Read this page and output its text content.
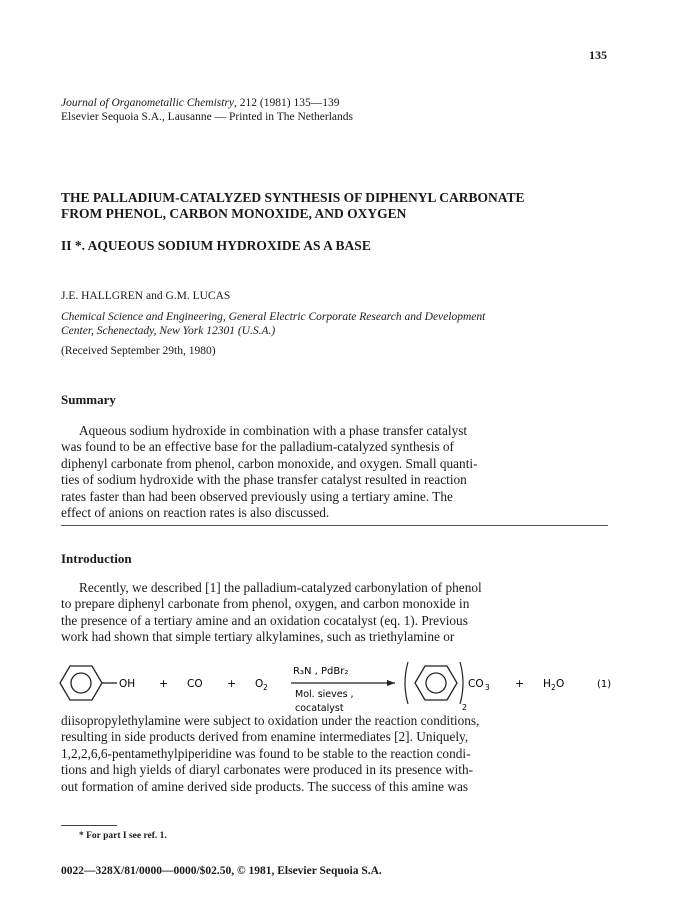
135
Journal of Organometallic Chemistry, 212 (1981) 135—139
Elsevier Sequoia S.A., Lausanne — Printed in The Netherlands
THE PALLADIUM-CATALYZED SYNTHESIS OF DIPHENYL CARBONATE
FROM PHENOL, CARBON MONOXIDE, AND OXYGEN
II *. AQUEOUS SODIUM HYDROXIDE AS A BASE
J.E. HALLGREN and G.M. LUCAS
Chemical Science and Engineering, General Electric Corporate Research and Development
Center, Schenectady, New York 12301 (U.S.A.)
(Received September 29th, 1980)
Summary

Aqueous sodium hydroxide in combination with a phase transfer catalyst

was found to be an effective base for the palladium-catalyzed synthesis of

diphenyl carbonate from phenol, carbon monoxide, and oxygen. Small quanti-

ties of sodium hydroxide with the phase transfer catalyst resulted in reaction

rates faster than had been observed previously using a tertiary amine. The

effect of anions on reaction rates is also discussed.

Introduction

Recently, we described [1] the palladium-catalyzed carbonylation of phenol

to prepare diphenyl carbonate from phenol, oxygen, and carbon monoxide in

the presence of a tertiary amine and an oxidation cocatalyst (eq. 1). Previous

work had shown that simple tertiary alkylamines, such as triethylamine or

OH + CO + O 2
R₃N , PdBr₂
Mol. sieves ,
cocatalyst	2
CO 3 + H 2 O	(1)

diisopropylethylamine were subject to oxidation under the reaction conditions,

resulting in side products derived from enamine intermediates [2]. Uniquely,

1,2,2,6,6-pentamethylpiperidine was found to be stable to the reaction condi-

tions and high yields of diaryl carbonates were produced in its presence with-

out formation of amine derived side products. The success of this amine was

* For part I see ref. 1.
0022—328X/81/0000—0000/$02.50, © 1981, Elsevier Sequoia S.A.
